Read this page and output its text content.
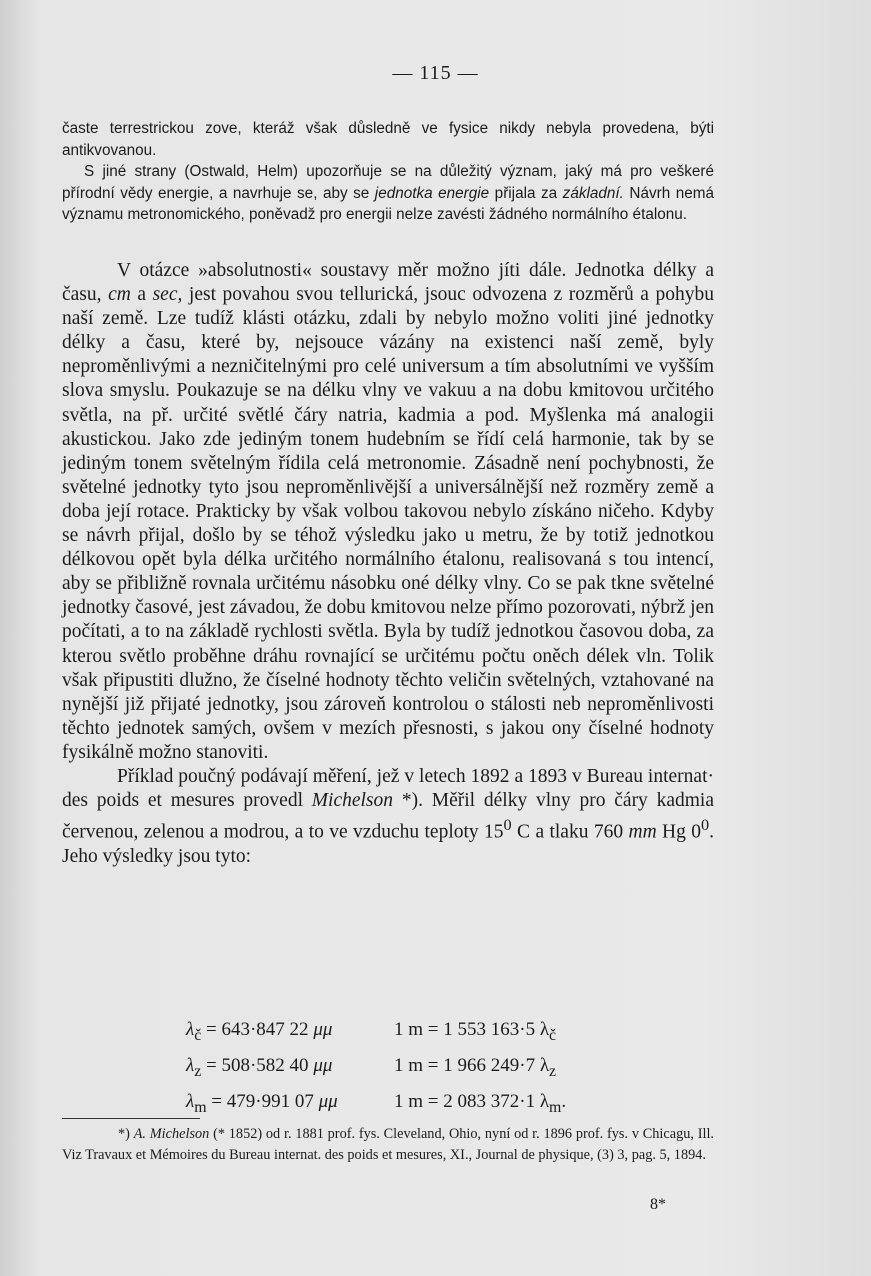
— 115 —

časte terrestrickou zove, kteráž však důsledně ve fysice nikdy nebyla provedena, býti antikvovanou.

S jiné strany (Ostwald, Helm) upozorňuje se na důležitý význam, jaký má pro veškeré přírodní vědy energie, a navrhuje se, aby se jednotka energie přijala za základní. Návrh nemá významu metronomického, poněvadž pro energii nelze zavésti žádného normálního étalonu.

V otázce »absolutnosti« soustavy měr možno jíti dále. Jednotka délky a času, cm a sec, jest povahou svou tellurická, jsouc odvozena z rozměrů a pohybu naší země. Lze tudíž klásti otázku, zdali by nebylo možno voliti jiné jednotky délky a času, které by, nejsouce vázány na existenci naší země, byly neproměnlivými a nezničitelnými pro celé universum a tím absolutními ve vyšším slova smyslu. Poukazuje se na délku vlny ve vakuu a na dobu kmitovou určitého světla, na př. určité světlé čáry natria, kadmia a pod. Myšlenka má analogii akustickou. Jako zde jediným tonem hudebním se řídí celá harmonie, tak by se jediným tonem světelným řídila celá metronomie. Zásadně není pochybnosti, že světelné jednotky tyto jsou neproměnlivější a universálnější než rozměry země a doba její rotace. Prakticky by však volbou takovou nebylo získáno ničeho. Kdyby se návrh přijal, došlo by se téhož výsledku jako u metru, že by totiž jednotkou délkovou opět byla délka určitého normálního étalonu, realisovaná s tou intencí, aby se přibližně rovnala určitému násobku oné délky vlny. Co se pak tkne světelné jednotky časové, jest závadou, že dobu kmitovou nelze přímo pozorovati, nýbrž jen počítati, a to na základě rychlosti světla. Byla by tudíž jednotkou časovou doba, za kterou světlo proběhne dráhu rovnající se určitému počtu oněch délek vln. Tolik však připustiti dlužno, že číselné hodnoty těchto veličin světelných, vztahované na nynější již přijaté jednotky, jsou zároveň kontrolou o stálosti neb neproměnlivosti těchto jednotek samých, ovšem v mezích přesnosti, s jakou ony číselné hodnoty fysikálně možno stanoviti.

Příklad poučný podávají měření, jež v letech 1892 a 1893 v Bureau internat· des poids et mesures provedl Michelson *). Měřil délky vlny pro čáry kadmia červenou, zelenou a modrou, a to ve vzduchu teploty $15^0$ C a tlaku 760 mm Hg $0^0$. Jeho výsledky jsou tyto:

$\lambda_č = 643\cdot 847$ 22 μμ	1 m = 1 553 163·5 $\lambda_č$
$\lambda_z = 508\cdot 582$ 40 μμ	1 m = 1 966 249·7 $\lambda_z$
$\lambda_m = 479\cdot 991$ 07 μμ	1 m = 2 083 372·1 $\lambda_m$.

*) A. Michelson (* 1852) od r. 1881 prof. fys. Cleveland, Ohio, nyní od r. 1896 prof. fys. v Chicagu, Ill. Viz Travaux et Mémoires du Bureau internat. des poids et mesures, XI., Journal de physique, (3) 3, pag. 5, 1894.

8*
